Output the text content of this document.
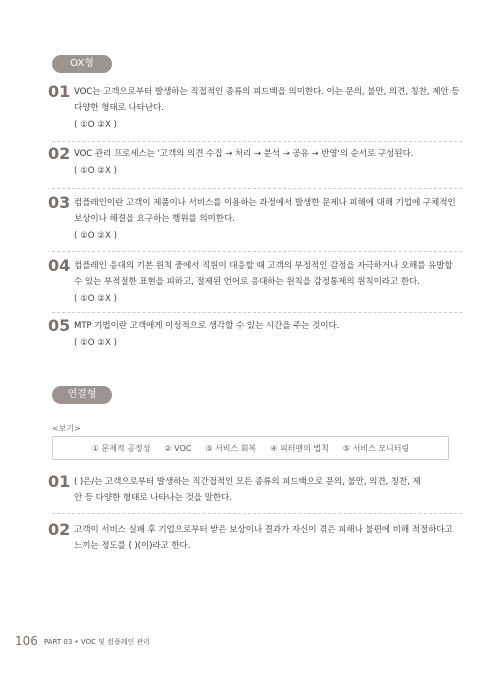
OX형
01 VOC는 고객으로부터 발생하는 직접적인 종류의 피드백을 의미한다. 이는 문의, 불만, 의견, 칭찬, 제안 등
다양한 형태로 나타난다.
( ①O ②X )
02 VOC 관리 프로세스는 '고객의 의견 수집 → 처리 → 분석 → 공유 → 반영'의 순서로 구성된다.
( ①O ②X )
03 컴플레인이란 고객이 제품이나 서비스를 이용하는 과정에서 발생한 문제나 피해에 대해 기업에 구체적인
보상이나 해결을 요구하는 행위를 의미한다.
( ①O ②X )
04 컴플레인 응대의 기본 원칙 중에서 직원이 대응할 때 고객의 부정적인 감정을 자극하거나 오해를 유발할
수 있는 부적절한 표현을 피하고, 절제된 언어로 응대하는 원칙을 감정통제의 원칙이라고 한다.
( ①O ②X )
05 MTP 기법이란 고객에게 이성적으로 생각할 수 있는 시간을 주는 것이다.
( ①O ②X )
연결형
<보기>
① 문제적 공정성 ② VOC ③ 서비스 회복 ④ 피터팬의 법칙 ⑤ 서비스 모니터링
01 ( )은/는 고객으로부터 발생하는 직간접적인 모든 종류의 피드백으로 문의, 불만, 의견, 칭찬, 제
안 등 다양한 형태로 나타나는 것을 말한다.
02 고객이 서비스 실패 후 기업으로부터 받은 보상이나 결과가 자신이 겪은 피해나 불편에 비해 적절하다고
느끼는 정도를 ( )(이)라고 한다.
106 PART 03 • VOC 및 컴플레인 관리
